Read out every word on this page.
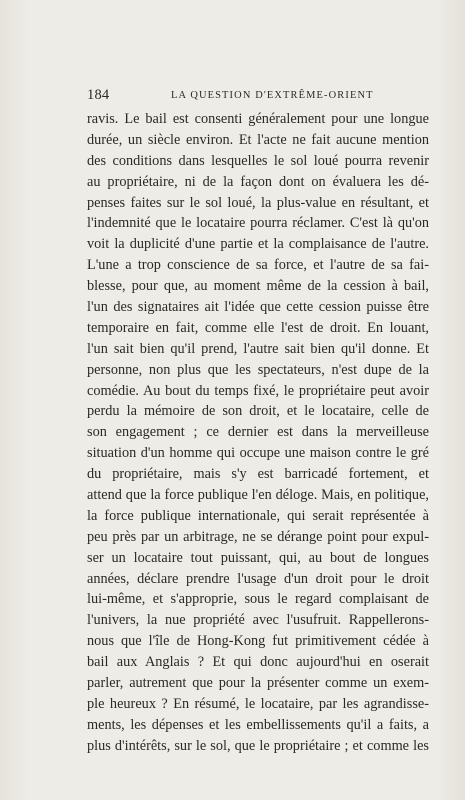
184	LA QUESTION D'EXTRÊME-ORIENT
ravis. Le bail est consenti généralement pour une longue
durée, un siècle environ. Et l'acte ne fait aucune mention
des conditions dans lesquelles le sol loué pourra revenir
au propriétaire, ni de la façon dont on évaluera les dé-
penses faites sur le sol loué, la plus-value en résultant, et
l'indemnité que le locataire pourra réclamer. C'est là qu'on
voit la duplicité d'une partie et la complaisance de l'autre.
L'une a trop conscience de sa force, et l'autre de sa fai-
blesse, pour que, au moment même de la cession à bail,
l'un des signataires ait l'idée que cette cession puisse être
temporaire en fait, comme elle l'est de droit. En louant,
l'un sait bien qu'il prend, l'autre sait bien qu'il donne. Et
personne, non plus que les spectateurs, n'est dupe de la
comédie. Au bout du temps fixé, le propriétaire peut avoir
perdu la mémoire de son droit, et le locataire, celle de
son engagement ; ce dernier est dans la merveilleuse
situation d'un homme qui occupe une maison contre le gré
du propriétaire, mais s'y est barricadé fortement, et
attend que la force publique l'en déloge. Mais, en politique,
la force publique internationale, qui serait représentée à
peu près par un arbitrage, ne se dérange point pour expul-
ser un locataire tout puissant, qui, au bout de longues
années, déclare prendre l'usage d'un droit pour le droit
lui-même, et s'approprie, sous le regard complaisant de
l'univers, la nue propriété avec l'usufruit. Rappellerons-
nous que l'île de Hong-Kong fut primitivement cédée à
bail aux Anglais ? Et qui donc aujourd'hui en oserait
parler, autrement que pour la présenter comme un exem-
ple heureux ? En résumé, le locataire, par les agrandisse-
ments, les dépenses et les embellissements qu'il a faits, a
plus d'intérêts, sur le sol, que le propriétaire ; et comme les
